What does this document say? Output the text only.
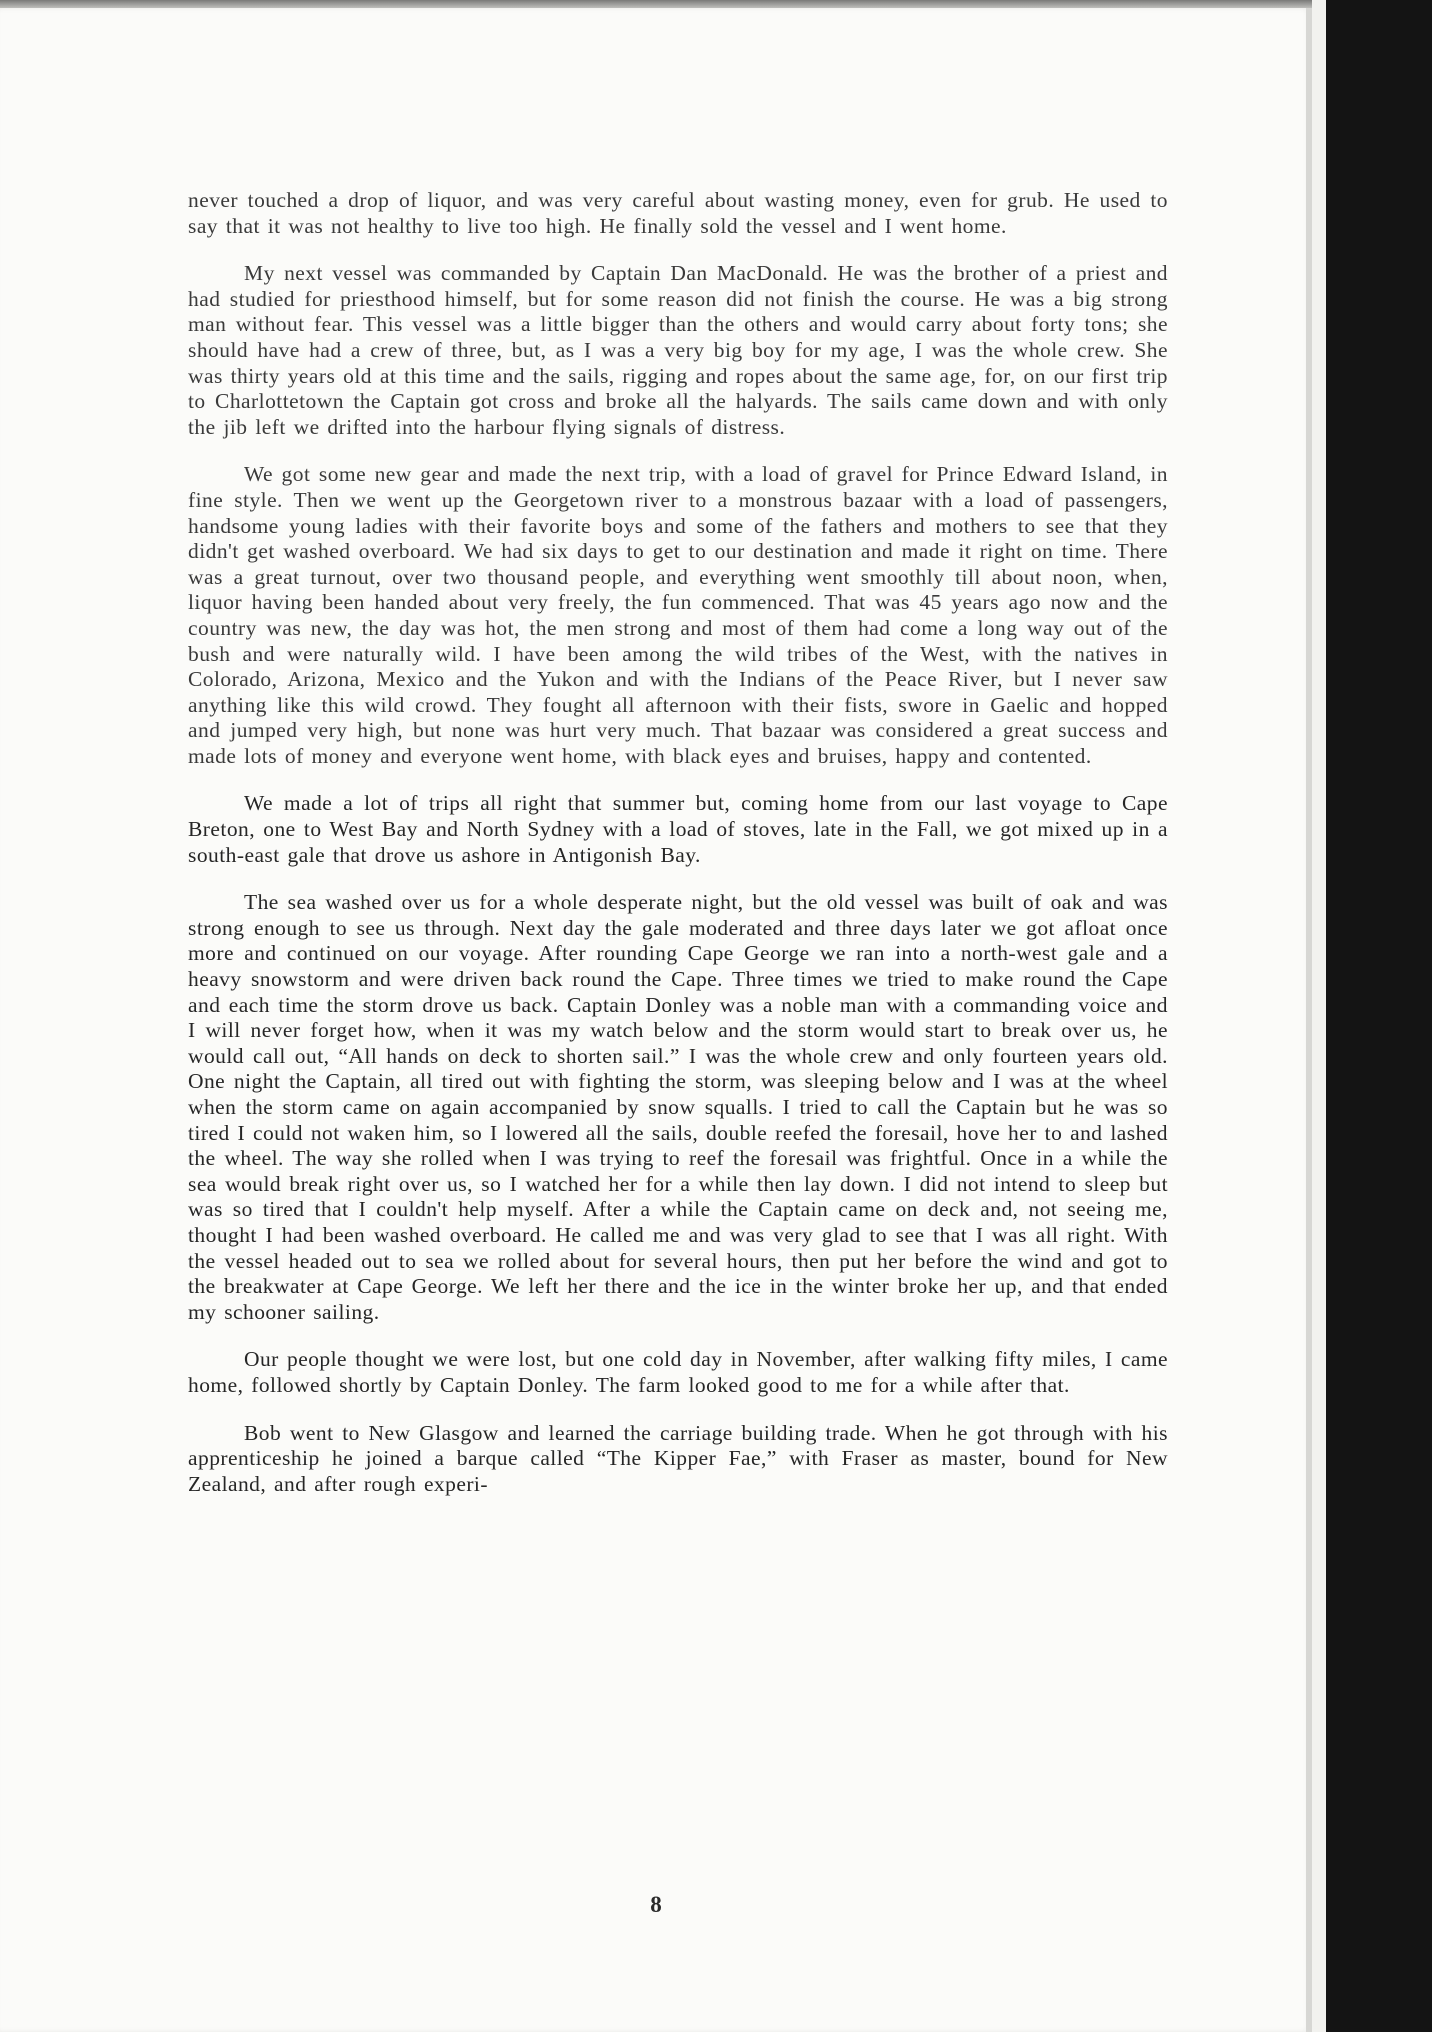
never touched a drop of liquor, and was very careful about wasting money, even for grub. He used to say that it was not healthy to live too high. He finally sold the vessel and I went home.

My next vessel was commanded by Captain Dan MacDonald. He was the brother of a priest and had studied for priesthood himself, but for some reason did not finish the course. He was a big strong man without fear. This vessel was a little bigger than the others and would carry about forty tons; she should have had a crew of three, but, as I was a very big boy for my age, I was the whole crew. She was thirty years old at this time and the sails, rigging and ropes about the same age, for, on our first trip to Charlottetown the Captain got cross and broke all the halyards. The sails came down and with only the jib left we drifted into the harbour flying signals of distress.

We got some new gear and made the next trip, with a load of gravel for Prince Edward Island, in fine style. Then we went up the Georgetown river to a monstrous bazaar with a load of passengers, handsome young ladies with their favorite boys and some of the fathers and mothers to see that they didn't get washed overboard. We had six days to get to our destination and made it right on time. There was a great turnout, over two thousand people, and everything went smoothly till about noon, when, liquor having been handed about very freely, the fun commenced. That was 45 years ago now and the country was new, the day was hot, the men strong and most of them had come a long way out of the bush and were naturally wild. I have been among the wild tribes of the West, with the natives in Colorado, Arizona, Mexico and the Yukon and with the Indians of the Peace River, but I never saw anything like this wild crowd. They fought all afternoon with their fists, swore in Gaelic and hopped and jumped very high, but none was hurt very much. That bazaar was considered a great success and made lots of money and everyone went home, with black eyes and bruises, happy and contented.

We made a lot of trips all right that summer but, coming home from our last voyage to Cape Breton, one to West Bay and North Sydney with a load of stoves, late in the Fall, we got mixed up in a south-east gale that drove us ashore in Antigonish Bay.

The sea washed over us for a whole desperate night, but the old vessel was built of oak and was strong enough to see us through. Next day the gale moderated and three days later we got afloat once more and continued on our voyage. After rounding Cape George we ran into a north-west gale and a heavy snowstorm and were driven back round the Cape. Three times we tried to make round the Cape and each time the storm drove us back. Captain Donley was a noble man with a commanding voice and I will never forget how, when it was my watch below and the storm would start to break over us, he would call out, “All hands on deck to shorten sail.” I was the whole crew and only fourteen years old. One night the Captain, all tired out with fighting the storm, was sleeping below and I was at the wheel when the storm came on again accompanied by snow squalls. I tried to call the Captain but he was so tired I could not waken him, so I lowered all the sails, double reefed the foresail, hove her to and lashed the wheel. The way she rolled when I was trying to reef the foresail was frightful. Once in a while the sea would break right over us, so I watched her for a while then lay down. I did not intend to sleep but was so tired that I couldn't help myself. After a while the Captain came on deck and, not seeing me, thought I had been washed overboard. He called me and was very glad to see that I was all right. With the vessel headed out to sea we rolled about for several hours, then put her before the wind and got to the breakwater at Cape George. We left her there and the ice in the winter broke her up, and that ended my schooner sailing.

Our people thought we were lost, but one cold day in November, after walking fifty miles, I came home, followed shortly by Captain Donley. The farm looked good to me for a while after that.

Bob went to New Glasgow and learned the carriage building trade. When he got through with his apprenticeship he joined a barque called “The Kipper Fae,” with Fraser as master, bound for New Zealand, and after rough experi-

8
